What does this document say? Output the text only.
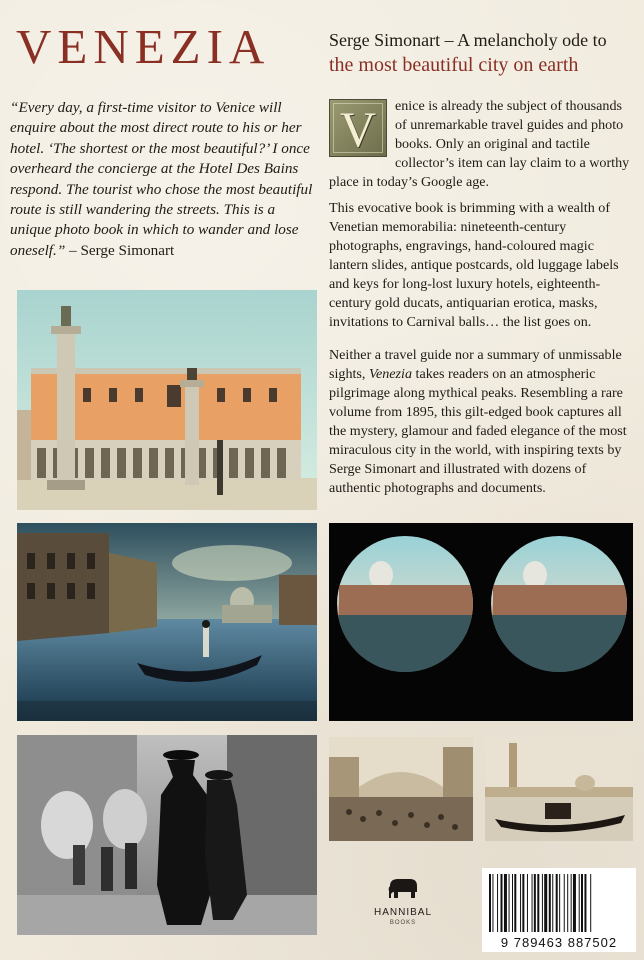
VENEZIA	Serge Simonart – A melancholy ode to
the most beautiful city on earth
“Every day, a first-time visitor to Venice will enquire about the most direct route to his or her hotel. ‘The shortest or the most beautiful?’ I once overheard the concierge at the Hotel Des Bains respond. The tourist who chose the most beautiful route is still wandering the streets. This is a unique photo book in which to wander and lose oneself.” – Serge Simonart
V	enice is already the subject of thousands of unremarkable travel guides and photo books. Only an original and tactile collector’s item can lay claim to a worthy place in today’s Google age.

This evocative book is brimming with a wealth of Venetian memorabilia: nineteenth-century photographs, engravings, hand-coloured magic lantern slides, antique postcards, old luggage labels and keys for long-lost luxury hotels, eighteenth-century gold ducats, antiquarian erotica, masks, invitations to Carnival balls… the list goes on.

Neither a travel guide nor a summary of unmissable sights, Venezia takes readers on an atmospheric pilgrimage along mythical peaks. Resembling a rare volume from 1895, this gilt-edged book captures all the mystery, glamour and faded elegance of the most miraculous city in the world, with inspiring texts by Serge Simonart and illustrated with dozens of authentic photographs and documents.

HANNIBAL
BOOKS
9 789463 887502
